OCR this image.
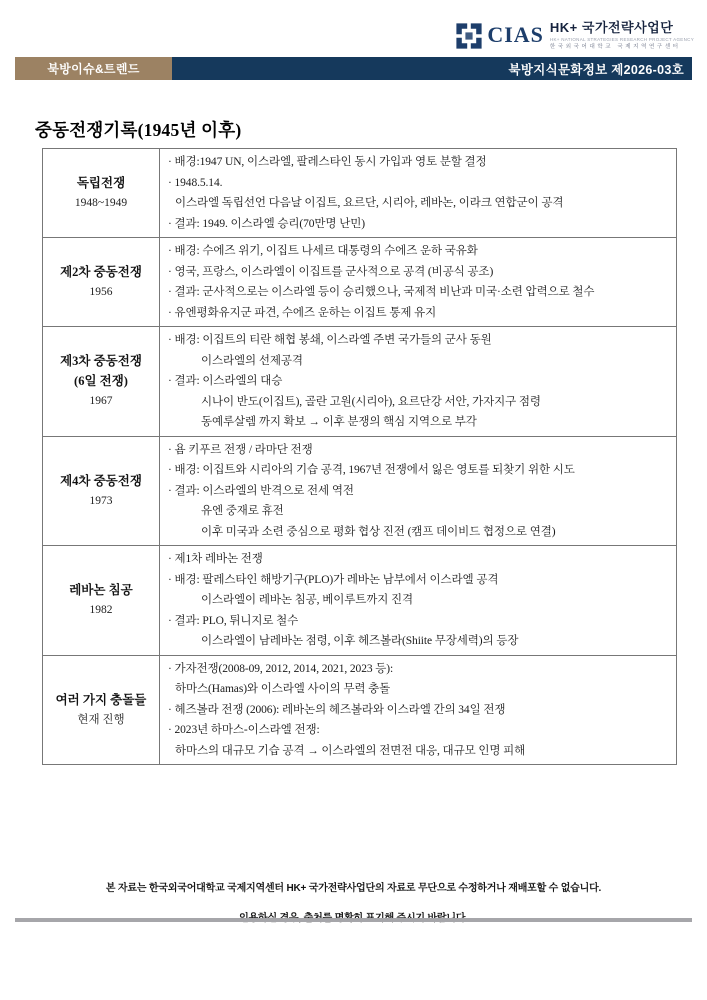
CIAS HK+ 국가전략사업단
HK+ NATIONAL STRATEGIES RESEARCH PROJECT AGENCY
한국외국어대학교 국제지역연구센터
북방이슈&트렌드	북방지식문화정보 제2026-03호
중동전쟁기록(1945년 이후)
독립전쟁
1948~1949

· 배경:1947 UN, 이스라엘, 팔레스타인 동시 가입과 영토 분할 결정
· 1948.5.14.
이스라엘 독립선언 다음날 이집트, 요르단, 시리아, 레바논, 이라크 연합군이 공격
· 결과: 1949. 이스라엘 승리(70만명 난민)

제2차 중동전쟁
1956

· 배경: 수에즈 위기, 이집트 나세르 대통령의 수에즈 운하 국유화
· 영국, 프랑스, 이스라엘이 이집트를 군사적으로 공격 (비공식 공조)
· 결과: 군사적으로는 이스라엘 등이 승리했으나, 국제적 비난과 미국·소련 압력으로 철수
· 유엔평화유지군 파견, 수에즈 운하는 이집트 통제 유지

제3차 중동전쟁
(6일 전쟁)
1967

· 배경: 이집트의 티란 해협 봉쇄, 이스라엘 주변 국가들의 군사 동원
이스라엘의 선제공격
· 결과: 이스라엘의 대승
시나이 반도(이집트), 골란 고원(시리아), 요르단강 서안, 가자지구 점령
동예루살렘 까지 확보 → 이후 분쟁의 핵심 지역으로 부각

제4차 중동전쟁
1973

· 욤 키푸르 전쟁 / 라마단 전쟁
· 배경: 이집트와 시리아의 기습 공격, 1967년 전쟁에서 잃은 영토를 되찾기 위한 시도
· 결과: 이스라엘의 반격으로 전세 역전
유엔 중재로 휴전
이후 미국과 소련 중심으로 평화 협상 진전 (캠프 데이비드 협정으로 연결)

레바논 침공
1982

· 제1차 레바논 전쟁
· 배경: 팔레스타인 해방기구(PLO)가 레바논 남부에서 이스라엘 공격
이스라엘이 레바논 침공, 베이루트까지 진격
· 결과: PLO, 튀니지로 철수
이스라엘이 남레바논 점령, 이후 헤즈볼라(Shiite 무장세력)의 등장

여러 가지 충돌들
현재 진행

· 가자전쟁(2008-09, 2012, 2014, 2021, 2023 등):
하마스(Hamas)와 이스라엘 사이의 무력 충돌
· 헤즈볼라 전쟁 (2006): 레바논의 헤즈볼라와 이스라엘 간의 34일 전쟁
· 2023년 하마스-이스라엘 전쟁:
하마스의 대규모 기습 공격 → 이스라엘의 전면전 대응, 대규모 인명 피해

본 자료는 한국외국어대학교 국제지역센터 HK+ 국가전략사업단의 자료로 무단으로 수정하거나 재배포할 수 없습니다.
